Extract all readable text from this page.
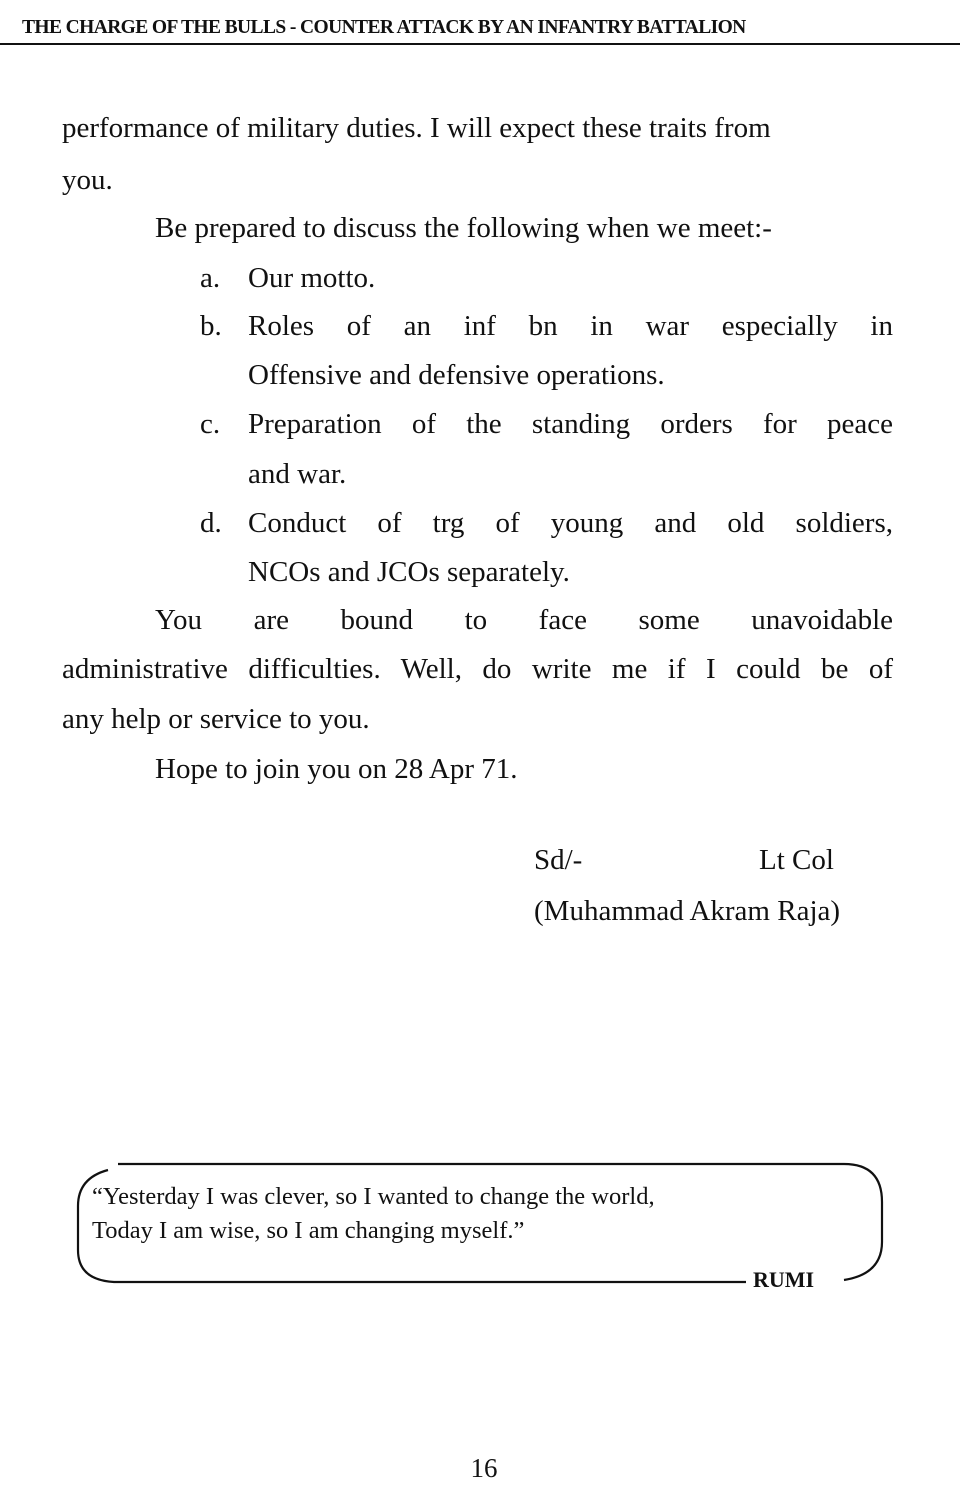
THE CHARGE OF THE BULLS - COUNTER ATTACK BY AN INFANTRY BATTALION
performance of military duties. I will expect these traits from
you.
Be prepared to discuss the following when we meet:-
a. Our motto.
b. Roles of an inf bn in war especially in
Offensive and defensive operations.
c. Preparation of the standing orders for peace
and war.
d. Conduct of trg of young and old soldiers,
NCOs and JCOs separately.
You are bound to face some unavoidable
administrative difficulties. Well, do write me if I could be of
any help or service to you.
Hope to join you on 28 Apr 71.
Sd/-	Lt Col
(Muhammad Akram Raja)
“Yesterday I was clever, so I wanted to change the world,
Today I am wise, so I am changing myself.”
RUMI
16
